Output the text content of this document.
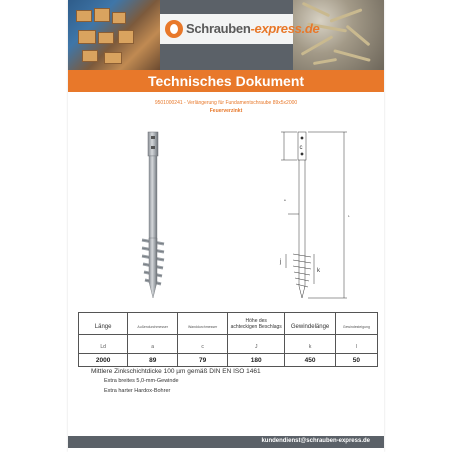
Schrauben-express.de
Technisches Dokument
9501000241 - Verlängerung für Fundamentschraube 89x5x2000
Feuerverzinkt
c
L
a
j
k
Länge	Außendurchmesser	Wanddurchmesser	Höhe des
achteckigen Beschlags	Gewindelänge	Gewindesteigung
Ld	a	c	J	k	l
2000	89	79	180	450	50
Mittlere Zinkschichtdicke 100 µm gemäß DIN EN ISO 1461
Extra breites 5,0-mm-Gewinde
Extra harter Hardox-Bohrer
kundendienst@schrauben-express.de
